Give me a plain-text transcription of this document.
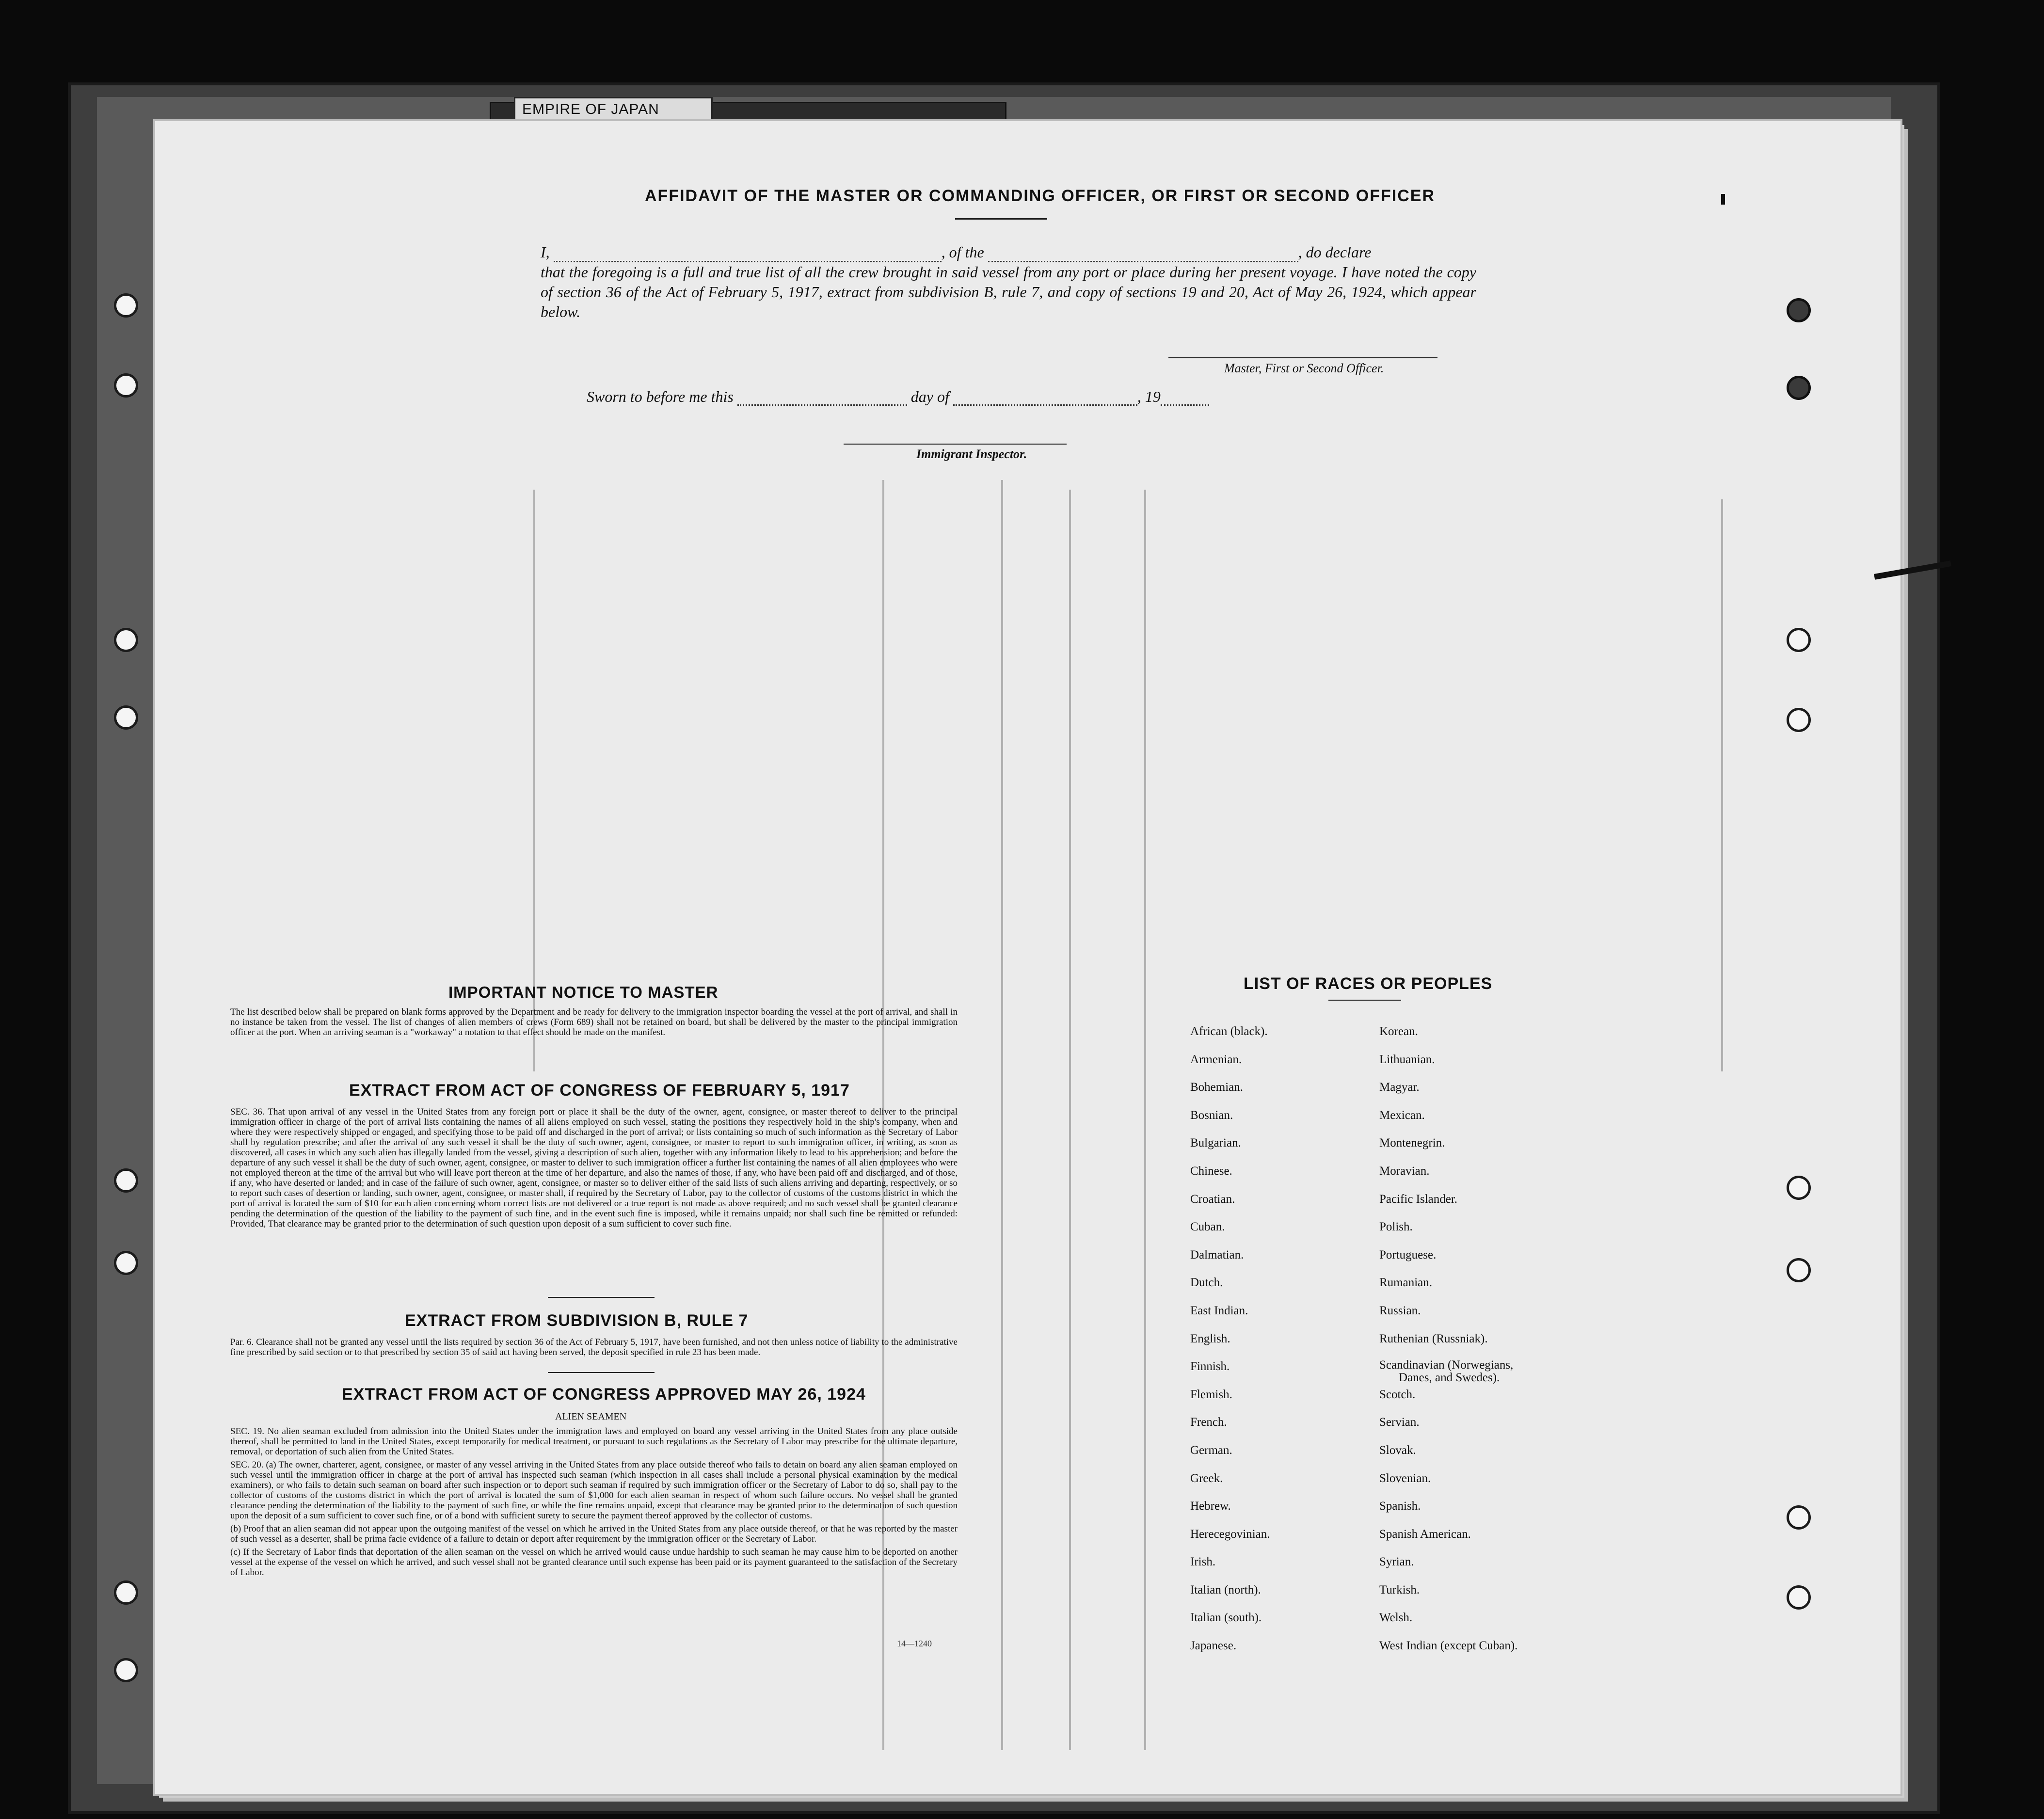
EMPIRE OF JAPAN
AFFIDAVIT OF THE MASTER OR COMMANDING OFFICER, OR FIRST OR SECOND OFFICER

I,	, of the	, do declare

that the foregoing is a full and true list of all the crew brought in said vessel from any port or place during her present voyage. I have noted the copy of section 36 of the Act of February 5, 1917, extract from subdivision B, rule 7, and copy of sections 19 and 20, Act of May 26, 1924, which appear below.

Master, First or Second Officer.
Sworn to before me this	day of	, 19
Immigrant Inspector.
IMPORTANT NOTICE TO MASTER
The list described below shall be prepared on blank forms approved by the Department and be ready for delivery to the immigration inspector boarding the vessel at the port of arrival, and shall in no instance be taken from the vessel. The list of changes of alien members of crews (Form 689) shall not be retained on board, but shall be delivered by the master to the principal immigration officer at the port. When an arriving seaman is a "workaway" a notation to that effect should be made on the manifest.
EXTRACT FROM ACT OF CONGRESS OF FEBRUARY 5, 1917
SEC. 36. That upon arrival of any vessel in the United States from any foreign port or place it shall be the duty of the owner, agent, consignee, or master thereof to deliver to the principal immigration officer in charge of the port of arrival lists containing the names of all aliens employed on such vessel, stating the positions they respectively hold in the ship's company, when and where they were respectively shipped or engaged, and specifying those to be paid off and discharged in the port of arrival; or lists containing so much of such information as the Secretary of Labor shall by regulation prescribe; and after the arrival of any such vessel it shall be the duty of such owner, agent, consignee, or master to report to such immigration officer, in writing, as soon as discovered, all cases in which any such alien has illegally landed from the vessel, giving a description of such alien, together with any information likely to lead to his apprehension; and before the departure of any such vessel it shall be the duty of such owner, agent, consignee, or master to deliver to such immigration officer a further list containing the names of all alien employees who were not employed thereon at the time of the arrival but who will leave port thereon at the time of her departure, and also the names of those, if any, who have been paid off and discharged, and of those, if any, who have deserted or landed; and in case of the failure of such owner, agent, consignee, or master so to deliver either of the said lists of such aliens arriving and departing, respectively, or so to report such cases of desertion or landing, such owner, agent, consignee, or master shall, if required by the Secretary of Labor, pay to the collector of customs of the customs district in which the port of arrival is located the sum of $10 for each alien concerning whom correct lists are not delivered or a true report is not made as above required; and no such vessel shall be granted clearance pending the determination of the question of the liability to the payment of such fine, and in the event such fine is imposed, while it remains unpaid; nor shall such fine be remitted or refunded: Provided, That clearance may be granted prior to the determination of such question upon deposit of a sum sufficient to cover such fine.
EXTRACT FROM SUBDIVISION B, RULE 7
Par. 6. Clearance shall not be granted any vessel until the lists required by section 36 of the Act of February 5, 1917, have been furnished, and not then unless notice of liability to the administrative fine prescribed by said section or to that prescribed by section 35 of said act having been served, the deposit specified in rule 23 has been made.
EXTRACT FROM ACT OF CONGRESS APPROVED MAY 26, 1924
ALIEN SEAMEN

SEC. 19. No alien seaman excluded from admission into the United States under the immigration laws and employed on board any vessel arriving in the United States from any place outside thereof, shall be permitted to land in the United States, except temporarily for medical treatment, or pursuant to such regulations as the Secretary of Labor may prescribe for the ultimate departure, removal, or deportation of such alien from the United States.

SEC. 20. (a) The owner, charterer, agent, consignee, or master of any vessel arriving in the United States from any place outside thereof who fails to detain on board any alien seaman employed on such vessel until the immigration officer in charge at the port of arrival has inspected such seaman (which inspection in all cases shall include a personal physical examination by the medical examiners), or who fails to detain such seaman on board after such inspection or to deport such seaman if required by such immigration officer or the Secretary of Labor to do so, shall pay to the collector of customs of the customs district in which the port of arrival is located the sum of $1,000 for each alien seaman in respect of whom such failure occurs. No vessel shall be granted clearance pending the determination of the liability to the payment of such fine, or while the fine remains unpaid, except that clearance may be granted prior to the determination of such question upon the deposit of a sum sufficient to cover such fine, or of a bond with sufficient surety to secure the payment thereof approved by the collector of customs.

(b) Proof that an alien seaman did not appear upon the outgoing manifest of the vessel on which he arrived in the United States from any place outside thereof, or that he was reported by the master of such vessel as a deserter, shall be prima facie evidence of a failure to detain or deport after requirement by the immigration officer or the Secretary of Labor.

(c) If the Secretary of Labor finds that deportation of the alien seaman on the vessel on which he arrived would cause undue hardship to such seaman he may cause him to be deported on another vessel at the expense of the vessel on which he arrived, and such vessel shall not be granted clearance until such expense has been paid or its payment guaranteed to the satisfaction of the Secretary of Labor.

14—1240
LIST OF RACES OR PEOPLES
African (black).
Armenian.
Bohemian.
Bosnian.
Bulgarian.
Chinese.
Croatian.
Cuban.
Dalmatian.
Dutch.
East Indian.
English.
Finnish.
Flemish.
French.
German.
Greek.
Hebrew.
Herecegovinian.
Irish.
Italian (north).
Italian (south).
Japanese.
Korean.
Lithuanian.
Magyar.
Mexican.
Montenegrin.
Moravian.
Pacific Islander.
Polish.
Portuguese.
Rumanian.
Russian.
Ruthenian (Russniak).
Scandinavian (Norwegians,
Danes, and Swedes).
Scotch.
Servian.
Slovak.
Slovenian.
Spanish.
Spanish American.
Syrian.
Turkish.
Welsh.
West Indian (except Cuban).
